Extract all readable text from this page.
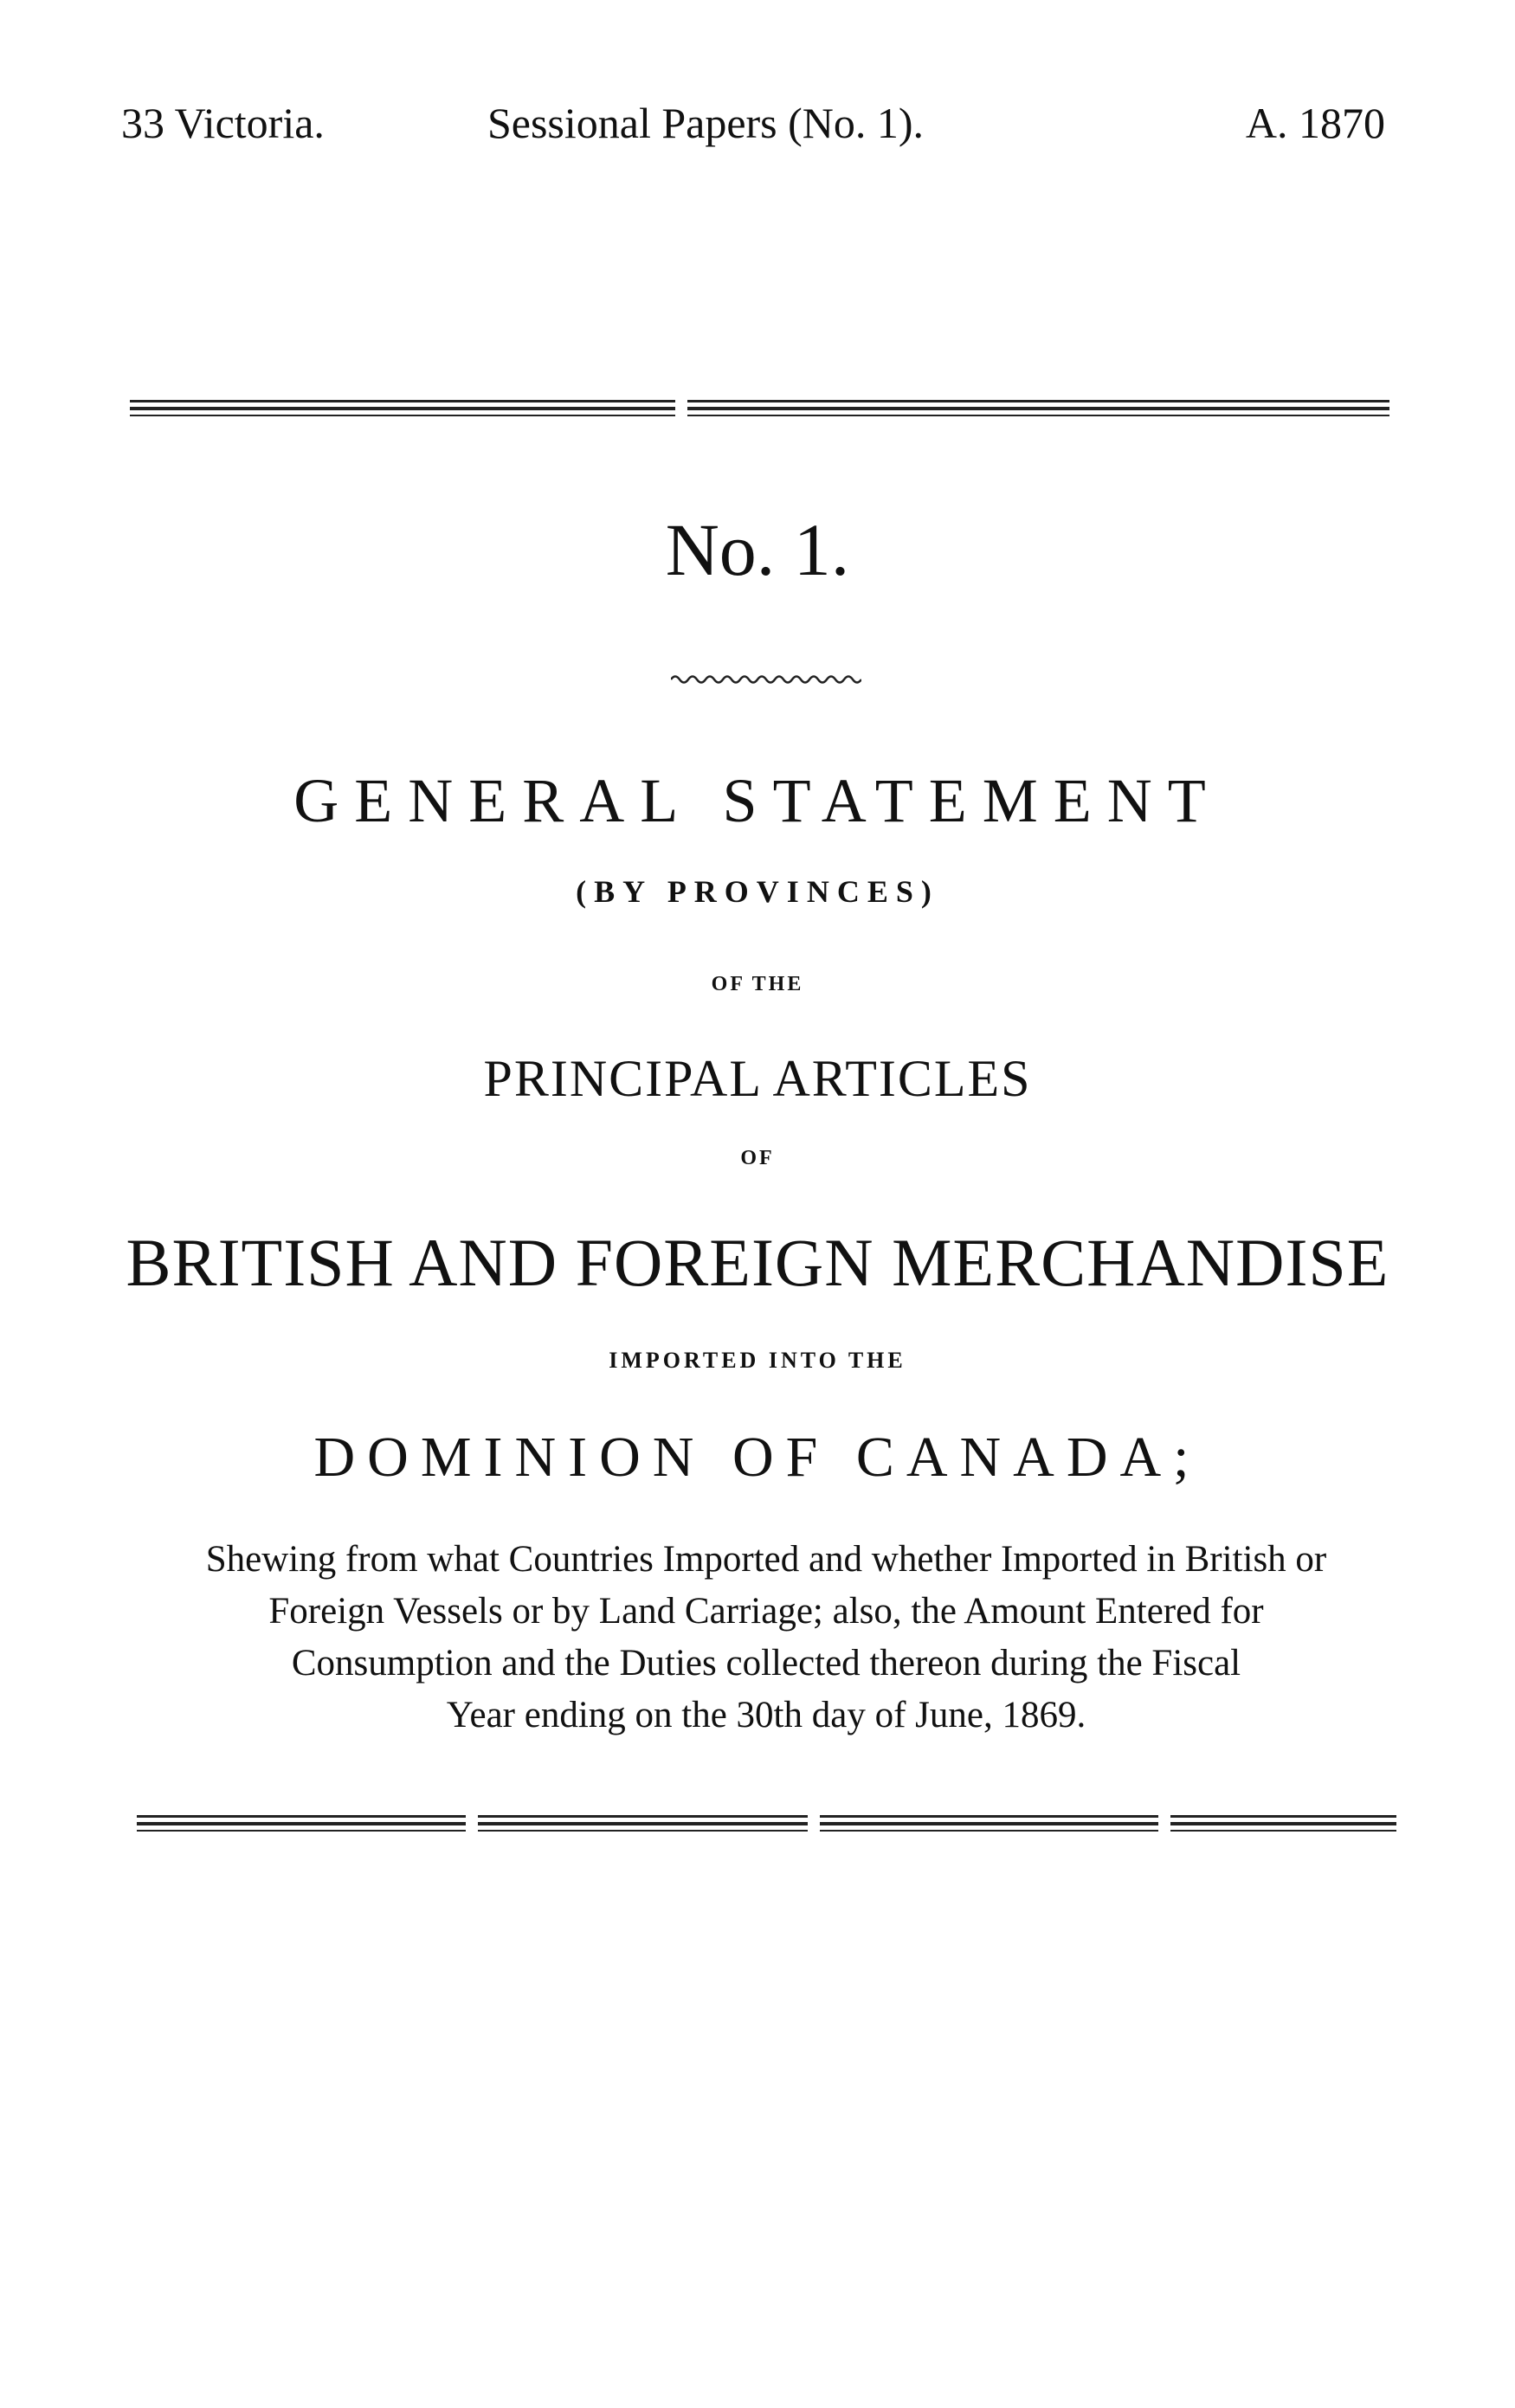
33 Victoria.	Sessional Papers (No. 1).	A. 1870
No. 1.
GENERAL STATEMENT
(BY PROVINCES)
OF THE
PRINCIPAL ARTICLES
OF
BRITISH AND FOREIGN MERCHANDISE
IMPORTED INTO THE
DOMINION OF CANADA;
Shewing from what Countries Imported and whether Imported in British or
Foreign Vessels or by Land Carriage; also, the Amount Entered for
Consumption and the Duties collected thereon during the Fiscal
Year ending on the 30th day of June, 1869.
